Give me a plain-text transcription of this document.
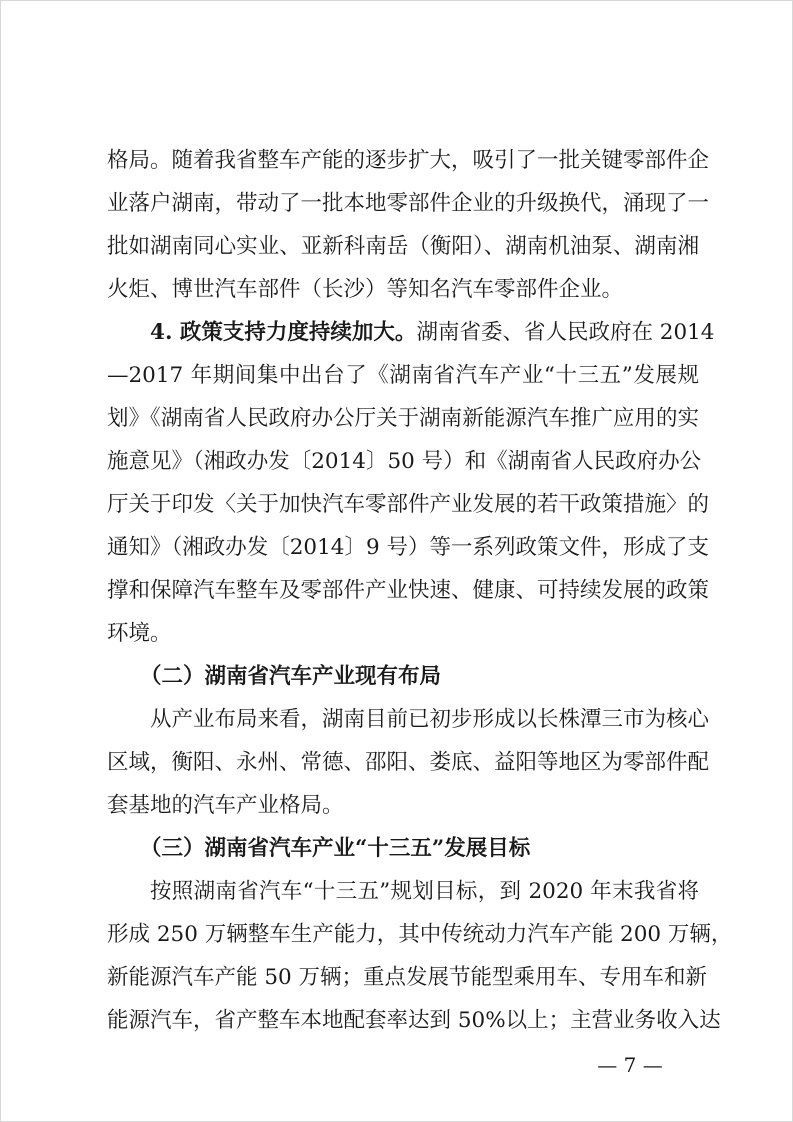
格局。随着我省整车产能的逐步扩大，吸引了一批关键零部件企
业落户湖南，带动了一批本地零部件企业的升级换代，涌现了一
批如湖南同心实业、亚新科南岳（衡阳）、湖南机油泵、湖南湘
火炬、博世汽车部件（长沙）等知名汽车零部件企业。
4. 政策支持力度持续加大。湖南省委、省人民政府在 2014
—2017 年期间集中出台了《湖南省汽车产业“十三五”发展规
划》《湖南省人民政府办公厅关于湖南新能源汽车推广应用的实
施意见》（湘政办发〔2014〕50 号）和《湖南省人民政府办公
厅关于印发〈关于加快汽车零部件产业发展的若干政策措施〉的
通知》（湘政办发〔2014〕9 号）等一系列政策文件，形成了支
撑和保障汽车整车及零部件产业快速、健康、可持续发展的政策
环境。
（二）湖南省汽车产业现有布局
从产业布局来看，湖南目前已初步形成以长株潭三市为核心
区域，衡阳、永州、常德、邵阳、娄底、益阳等地区为零部件配
套基地的汽车产业格局。
（三）湖南省汽车产业“十三五”发展目标
按照湖南省汽车“十三五”规划目标，到 2020 年末我省将
形成 250 万辆整车生产能力，其中传统动力汽车产能 200 万辆，
新能源汽车产能 50 万辆；重点发展节能型乘用车、专用车和新
能源汽车，省产整车本地配套率达到 50%以上；主营业务收入达
— 7 —
